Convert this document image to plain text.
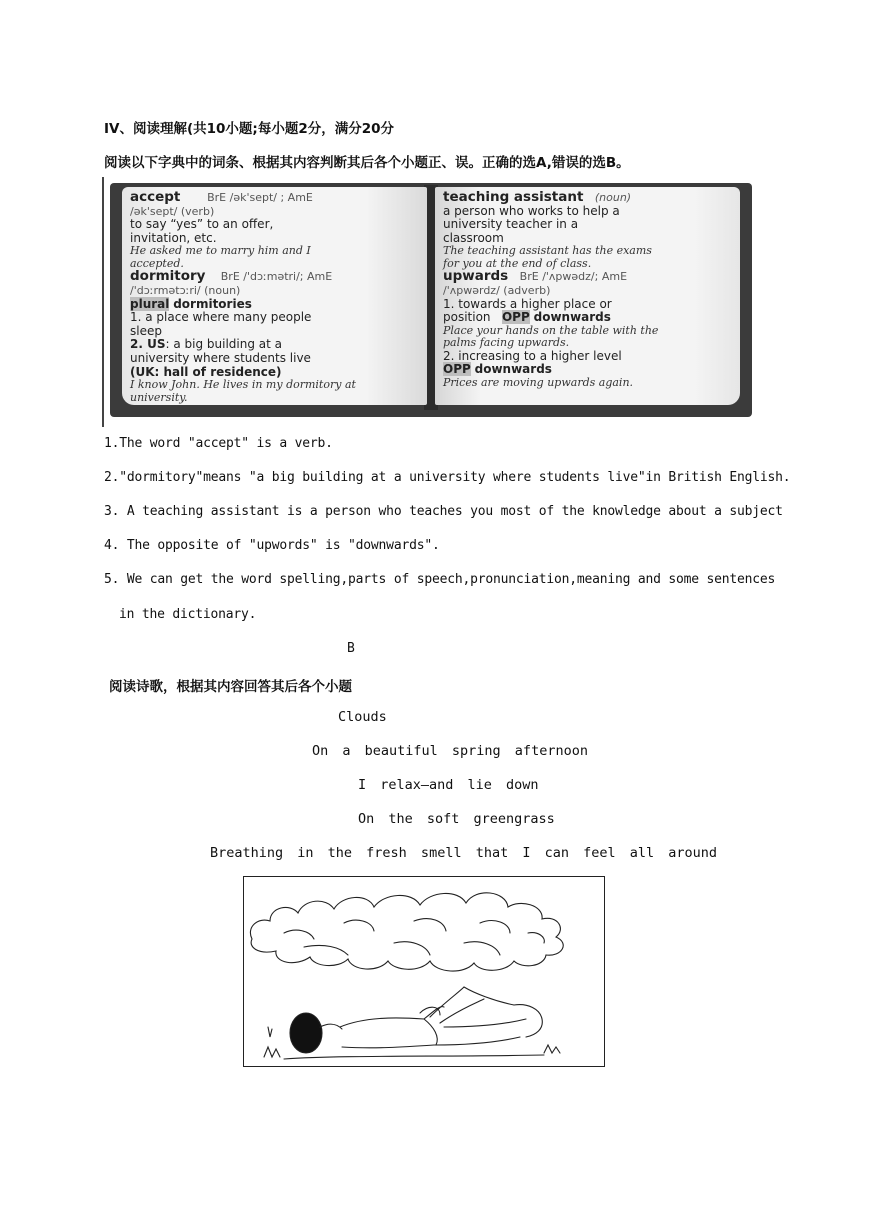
IV、阅读理解(共10小题;每小题2分，满分20分
阅读以下字典中的词条、根据其内容判断其后各个小题正、误。正确的选A,错误的选B。
accept BrE /ək'sept/ ; AmE
/ək'sept/ (verb)
to say “yes” to an offer,
invitation, etc.
He asked me to marry him and I
accepted.
dormitory BrE /'dɔːmətri/; AmE
/'dɔːrmətɔːri/ (noun)
plural dormitories
1. a place where many people
sleep
2. US: a big building at a
university where students live
(UK: hall of residence)
I know John. He lives in my dormitory at
university.
teaching assistant (noun)
a person who works to help a
university teacher in a
classroom
The teaching assistant has the exams
for you at the end of class.
upwards BrE /'ʌpwədz/; AmE
/'ʌpwərdz/ (adverb)
1. towards a higher place or
position OPP downwards
Place your hands on the table with the
palms facing upwards.
2. increasing to a higher level
OPP downwards
Prices are moving upwards again.
1.The word "accept" is a verb.
2."dormitory"means "a big building at a university where students live"in British English.
3. A teaching assistant is a person who teaches you most of the knowledge about a subject
4. The opposite of "upwords" is "downwards".
5. We can get the word spelling,parts of speech,pronunciation,meaning and some sentences
in the dictionary.
B
阅读诗歌，根据其内容回答其后各个小题
Clouds
On a beautiful spring afternoon
I relax—and lie down
On the soft greengrass
Breathing in the fresh smell that I can feel all around
